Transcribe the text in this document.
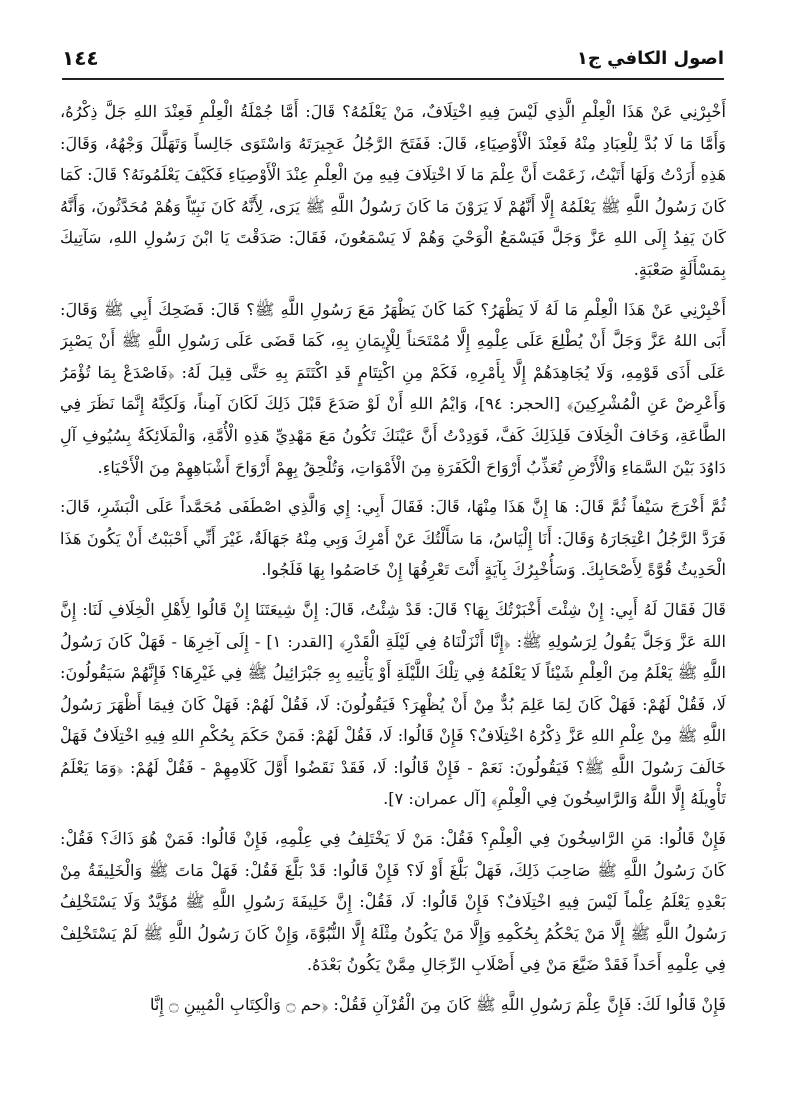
اصول الكافي ج١
١٤٤

أَخْبِرْنِي عَنْ هَذَا الْعِلْمِ الَّذِي لَيْسَ فِيهِ اخْتِلَافٌ، مَنْ يَعْلَمُهُ؟ قَالَ: أَمَّا جُمْلَةُ الْعِلْمِ فَعِنْدَ اللهِ جَلَّ ذِكْرُهُ، وَأَمَّا مَا لَا بُدَّ لِلْعِبَادِ مِنْهُ فَعِنْدَ الْأَوْصِيَاءِ، قَالَ: فَفَتَحَ الرَّجُلُ عَجِيرَتَهُ وَاسْتَوَى جَالِساً وَتَهَلَّلَ وَجْهُهُ، وَقَالَ: هَذِهِ أَرَدْتُ وَلَهَا أَتَيْتُ، زَعَمْتَ أَنَّ عِلْمَ مَا لَا اخْتِلَافَ فِيهِ مِنَ الْعِلْمِ عِنْدَ الْأَوْصِيَاءِ فَكَيْفَ يَعْلَمُونَهُ؟ قَالَ: كَمَا كَانَ رَسُولُ اللَّهِ ﷺ يَعْلَمُهُ إِلَّا أَنَّهُمْ لَا يَرَوْنَ مَا كَانَ رَسُولُ اللَّهِ ﷺ يَرَى، لِأَنَّهُ كَانَ نَبِيّاً وَهُمْ مُحَدَّثُونَ، وَأَنَّهُ كَانَ يَفِدُ إِلَى اللهِ عَزَّ وَجَلَّ فَيَسْمَعُ الْوَحْيَ وَهُمْ لَا يَسْمَعُونَ، فَقَالَ: صَدَقْتَ يَا ابْنَ رَسُولِ اللهِ، سَآتِيكَ بِمَسْأَلَةٍ صَعْبَةٍ.

أَخْبِرْنِي عَنْ هَذَا الْعِلْمِ مَا لَهُ لَا يَظْهَرُ؟ كَمَا كَانَ يَظْهَرُ مَعَ رَسُولِ اللَّهِ ﷺ؟ قَالَ: فَضَحِكَ أَبِي ﷺ وَقَالَ: أَبَى اللهُ عَزَّ وَجَلَّ أَنْ يُطْلِعَ عَلَى عِلْمِهِ إِلَّا مُمْتَحَناً لِلْإِيمَانِ بِهِ، كَمَا قَضَى عَلَى رَسُولِ اللَّهِ ﷺ أَنْ يَصْبِرَ عَلَى أَذَى قَوْمِهِ، وَلَا يُجَاهِدَهُمْ إِلَّا بِأَمْرِهِ، فَكَمْ مِنِ اكْتِتَامٍ قَدِ اكْتَتَمَ بِهِ حَتَّى قِيلَ لَهُ: ﴿فَاصْدَعْ بِمَا تُؤْمَرُ وَأَعْرِضْ عَنِ الْمُشْرِكِينَ﴾ [الحجر: ٩٤]، وَايْمُ اللهِ أَنْ لَوْ صَدَعَ قَبْلَ ذَلِكَ لَكَانَ آمِناً، وَلَكِنَّهُ إِنَّمَا نَظَرَ فِي الطَّاعَةِ، وَخَافَ الْخِلَافَ فَلِذَلِكَ كَفَّ، فَوَدِدْتُ أَنَّ عَيْنَكَ تَكُونُ مَعَ مَهْدِيِّ هَذِهِ الْأُمَّةِ، وَالْمَلَائِكَةُ بِسُيُوفِ آلِ دَاوُدَ بَيْنَ السَّمَاءِ وَالْأَرْضِ تُعَذِّبُ أَرْوَاحَ الْكَفَرَةِ مِنَ الْأَمْوَاتِ، وَتُلْحِقُ بِهِمْ أَرْوَاحَ أَشْبَاهِهِمْ مِنَ الْأَحْيَاءِ.

ثُمَّ أَخْرَجَ سَيْفاً ثُمَّ قَالَ: هَا إِنَّ هَذَا مِنْهَا، قَالَ: فَقَالَ أَبِي: إِي وَالَّذِي اصْطَفَى مُحَمَّداً عَلَى الْبَشَرِ، قَالَ: فَرَدَّ الرَّجُلُ اعْتِجَارَهُ وَقَالَ: أَنَا إِلْيَاسُ، مَا سَأَلْتُكَ عَنْ أَمْرِكَ وَبِي مِنْهُ جَهَالَةٌ، غَيْرَ أَنِّي أَحْبَبْتُ أَنْ يَكُونَ هَذَا الْحَدِيثُ قُوَّةً لِأَصْحَابِكَ. وَسَأُخْبِرُكَ بِآيَةٍ أَنْتَ تَعْرِفُهَا إِنْ خَاصَمُوا بِهَا فَلَجُوا.

قَالَ فَقَالَ لَهُ أَبِي: إِنْ شِئْتَ أَخْبَرْتُكَ بِهَا؟ قَالَ: قَدْ شِئْتُ، قَالَ: إِنَّ شِيعَتَنَا إِنْ قَالُوا لِأَهْلِ الْخِلَافِ لَنَا: إِنَّ اللهَ عَزَّ وَجَلَّ يَقُولُ لِرَسُولِهِ ﷺ: ﴿إِنَّا أَنْزَلْنَاهُ فِي لَيْلَةِ الْقَدْرِ﴾ [القدر: ١] - إِلَى آخِرِهَا - فَهَلْ كَانَ رَسُولُ اللَّهِ ﷺ يَعْلَمُ مِنَ الْعِلْمِ شَيْئاً لَا يَعْلَمُهُ فِي تِلْكَ اللَّيْلَةِ أَوْ يَأْتِيهِ بِهِ جَبْرَائِيلُ ﷺ فِي غَيْرِهَا؟ فَإِنَّهُمْ سَيَقُولُونَ: لَا، فَقُلْ لَهُمْ: فَهَلْ كَانَ لِمَا عَلِمَ بُدٌّ مِنْ أَنْ يُظْهِرَ؟ فَيَقُولُونَ: لَا، فَقُلْ لَهُمْ: فَهَلْ كَانَ فِيمَا أَظْهَرَ رَسُولُ اللَّهِ ﷺ مِنْ عِلْمِ اللهِ عَزَّ ذِكْرُهُ اخْتِلَافٌ؟ فَإِنْ قَالُوا: لَا، فَقُلْ لَهُمْ: فَمَنْ حَكَمَ بِحُكْمِ اللهِ فِيهِ اخْتِلَافٌ فَهَلْ خَالَفَ رَسُولَ اللَّهِ ﷺ؟ فَيَقُولُونَ: نَعَمْ - فَإِنْ قَالُوا: لَا، فَقَدْ نَقَضُوا أَوَّلَ كَلَامِهِمْ - فَقُلْ لَهُمْ: ﴿وَمَا يَعْلَمُ تَأْوِيلَهُ إِلَّا اللَّهُ وَالرَّاسِخُونَ فِي الْعِلْمِ﴾ [آل عمران: ٧].

فَإِنْ قَالُوا: مَنِ الرَّاسِخُونَ فِي الْعِلْمِ؟ فَقُلْ: مَنْ لَا يَخْتَلِفُ فِي عِلْمِهِ، فَإِنْ قَالُوا: فَمَنْ هُوَ ذَاكَ؟ فَقُلْ: كَانَ رَسُولُ اللَّهِ ﷺ صَاحِبَ ذَلِكَ، فَهَلْ بَلَّغَ أَوْ لَا؟ فَإِنْ قَالُوا: قَدْ بَلَّغَ فَقُلْ: فَهَلْ مَاتَ ﷺ وَالْخَلِيفَةُ مِنْ بَعْدِهِ يَعْلَمُ عِلْماً لَيْسَ فِيهِ اخْتِلَافٌ؟ فَإِنْ قَالُوا: لَا، فَقُلْ: إِنَّ خَلِيفَةَ رَسُولِ اللَّهِ ﷺ مُؤَيَّدٌ وَلَا يَسْتَخْلِفُ رَسُولُ اللَّهِ ﷺ إِلَّا مَنْ يَحْكُمُ بِحُكْمِهِ وَإِلَّا مَنْ يَكُونُ مِثْلَهُ إِلَّا النُّبُوَّةَ، وَإِنْ كَانَ رَسُولُ اللَّهِ ﷺ لَمْ يَسْتَخْلِفْ فِي عِلْمِهِ أَحَداً فَقَدْ ضَيَّعَ مَنْ فِي أَصْلَابِ الرِّجَالِ مِمَّنْ يَكُونُ بَعْدَهُ.

فَإِنْ قَالُوا لَكَ: فَإِنَّ عِلْمَ رَسُولِ اللَّهِ ﷺ كَانَ مِنَ الْقُرْآنِ فَقُلْ: ﴿حم ۝ وَالْكِتَابِ الْمُبِينِ ۝ إِنَّا
